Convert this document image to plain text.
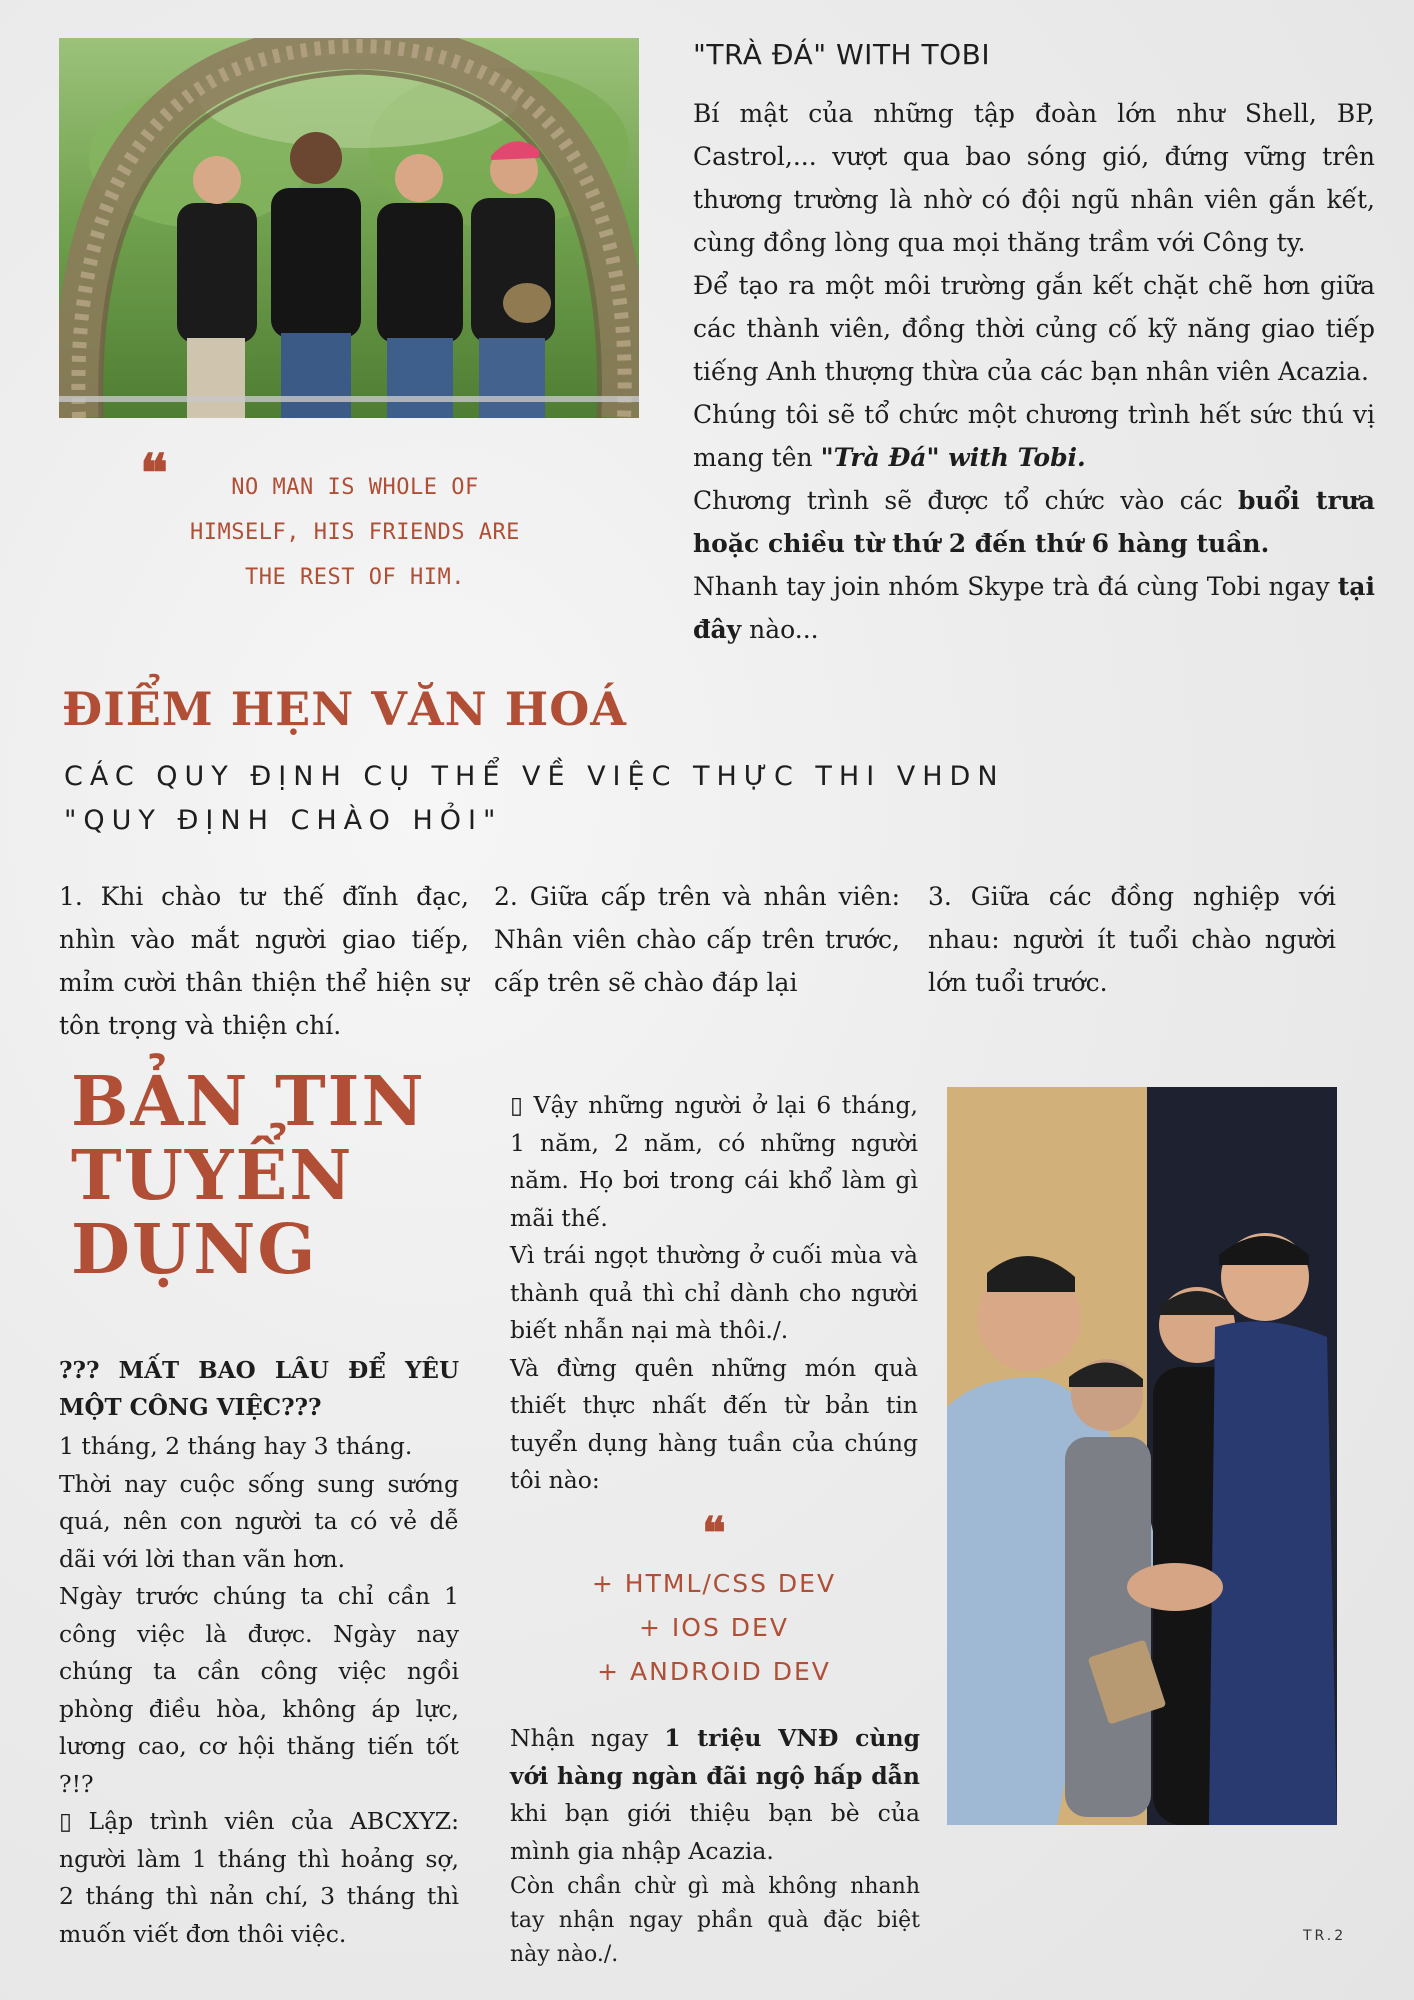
❝	NO MAN IS WHOLE OF
HIMSELF, HIS FRIENDS ARE
THE REST OF HIM.
"TRÀ ĐÁ" WITH TOBI

Bí mật của những tập đoàn lớn như Shell, BP, Castrol,... vượt qua bao sóng gió, đứng vững trên thương trường là nhờ có đội ngũ nhân viên gắn kết, cùng đồng lòng qua mọi thăng trầm với Công ty.

Để tạo ra một môi trường gắn kết chặt chẽ hơn giữa các thành viên, đồng thời củng cố kỹ năng giao tiếp tiếng Anh thượng thừa của các bạn nhân viên Acazia.

Chúng tôi sẽ tổ chức một chương trình hết sức thú vị mang tên "Trà Đá" with Tobi.

Chương trình sẽ được tổ chức vào các buổi trưa hoặc chiều từ thứ 2 đến thứ 6 hàng tuần.

Nhanh tay join nhóm Skype trà đá cùng Tobi ngay tại đây nào...

ĐIỂM HẸN VĂN HOÁ
CÁC QUY ĐỊNH CỤ THỂ VỀ VIỆC THỰC THI VHDN
"QUY ĐỊNH CHÀO HỎI"
1. Khi chào tư thế đĩnh đạc, nhìn vào mắt người giao tiếp, mỉm cười thân thiện thể hiện sự tôn trọng và thiện chí.
2. Giữa cấp trên và nhân viên: Nhân viên chào cấp trên trước, cấp trên sẽ chào đáp lại
3. Giữa các đồng nghiệp với nhau: người ít tuổi chào người lớn tuổi trước.
BẢN TIN
TUYỂN
DỤNG

??? MẤT BAO LÂU ĐỂ YÊU MỘT CÔNG VIỆC???

1 tháng, 2 tháng hay 3 tháng.

Thời nay cuộc sống sung sướng quá, nên con người ta có vẻ dễ dãi với lời than vãn hơn.

Ngày trước chúng ta chỉ cần 1 công việc là được. Ngày nay chúng ta cần công việc ngồi phòng điều hòa, không áp lực, lương cao, cơ hội thăng tiến tốt ?!?

▯ Lập trình viên của ABCXYZ: người làm 1 tháng thì hoảng sợ, 2 tháng thì nản chí, 3 tháng thì muốn viết đơn thôi việc.

▯ Vậy những người ở lại 6 tháng, 1 năm, 2 năm, có những người năm. Họ bơi trong cái khổ làm gì mãi thế.

Vì trái ngọt thường ở cuối mùa và thành quả thì chỉ dành cho người biết nhẫn nại mà thôi./.

Và đừng quên những món quà thiết thực nhất đến từ bản tin tuyển dụng hàng tuần của chúng tôi nào:

❝
+ HTML/CSS DEV
+ IOS DEV
+ ANDROID DEV

Nhận ngay 1 triệu VNĐ cùng với hàng ngàn đãi ngộ hấp dẫn khi bạn giới thiệu bạn bè của mình gia nhập Acazia.

Còn chần chừ gì mà không nhanh tay nhận ngay phần quà đặc biệt này nào./.

TR.2
